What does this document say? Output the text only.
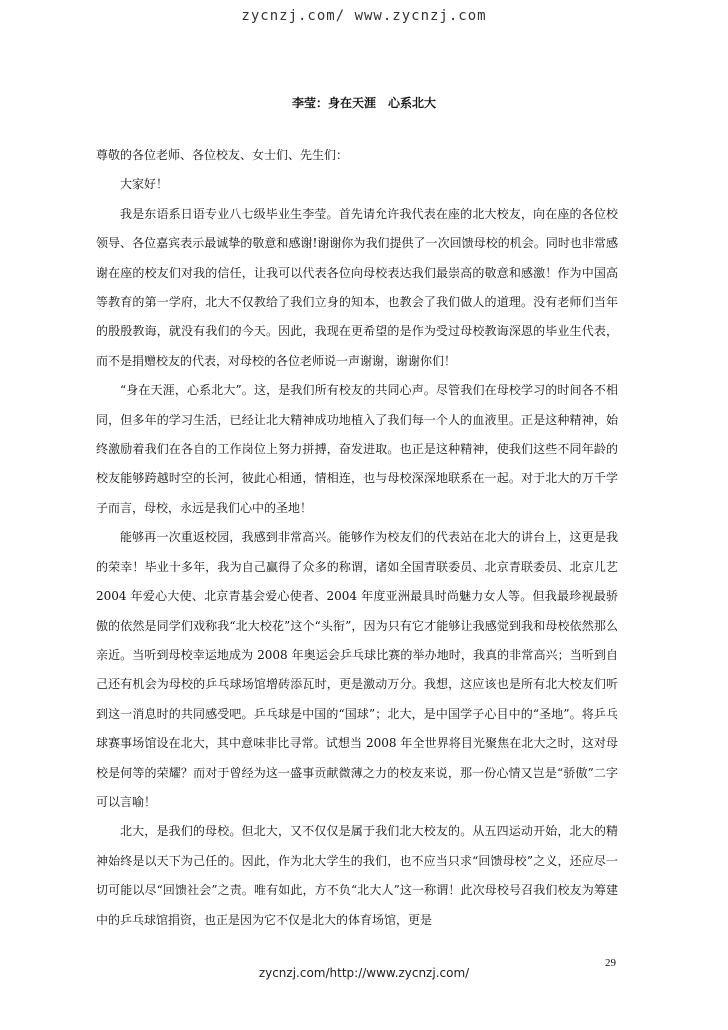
zycnzj.com/ www.zycnzj.com
李莹：身在天涯　心系北大

尊敬的各位老师、各位校友、女士们、先生们：

大家好！

我是东语系日语专业八七级毕业生李莹。首先请允许我代表在座的北大校友，向在座的各位校领导、各位嘉宾表示最诚挚的敬意和感谢!谢谢你为我们提供了一次回馈母校的机会。同时也非常感谢在座的校友们对我的信任，让我可以代表各位向母校表达我们最崇高的敬意和感激！作为中国高等教育的第一学府，北大不仅教给了我们立身的知本，也教会了我们做人的道理。没有老师们当年的殷殷教诲，就没有我们的今天。因此，我现在更希望的是作为受过母校教诲深恩的毕业生代表，而不是捐赠校友的代表，对母校的各位老师说一声谢谢，谢谢你们！

“身在天涯，心系北大”。这，是我们所有校友的共同心声。尽管我们在母校学习的时间各不相同，但多年的学习生活，已经让北大精神成功地植入了我们每一个人的血液里。正是这种精神，始终激励着我们在各自的工作岗位上努力拼搏，奋发进取。也正是这种精神，使我们这些不同年龄的校友能够跨越时空的长河，彼此心相通，情相连，也与母校深深地联系在一起。对于北大的万千学子而言，母校，永远是我们心中的圣地！

能够再一次重返校园，我感到非常高兴。能够作为校友们的代表站在北大的讲台上，这更是我的荣幸！毕业十多年，我为自己赢得了众多的称谓，诸如全国青联委员、北京青联委员、北京儿艺 2004 年爱心大使、北京青基会爱心使者、2004 年度亚洲最具时尚魅力女人等。但我最珍视最骄傲的依然是同学们戏称我“北大校花”这个“头衔”，因为只有它才能够让我感觉到我和母校依然那么亲近。当听到母校幸运地成为 2008 年奥运会乒乓球比赛的举办地时，我真的非常高兴；当听到自己还有机会为母校的乒乓球场馆增砖添瓦时，更是激动万分。我想，这应该也是所有北大校友们听到这一消息时的共同感受吧。乒乓球是中国的“国球”；北大，是中国学子心目中的“圣地”。将乒乓球赛事场馆设在北大，其中意味非比寻常。试想当 2008 年全世界将目光聚焦在北大之时，这对母校是何等的荣耀？而对于曾经为这一盛事贡献微薄之力的校友来说，那一份心情又岂是“骄傲”二字可以言喻！

北大，是我们的母校。但北大，又不仅仅是属于我们北大校友的。从五四运动开始，北大的精神始终是以天下为己任的。因此，作为北大学生的我们，也不应当只求“回馈母校”之义，还应尽一切可能以尽“回馈社会”之责。唯有如此，方不负“北大人”这一称谓！此次母校号召我们校友为筹建中的乒乓球馆捐资，也正是因为它不仅是北大的体育场馆，更是

29
zycnzj.com/http://www.zycnzj.com/
